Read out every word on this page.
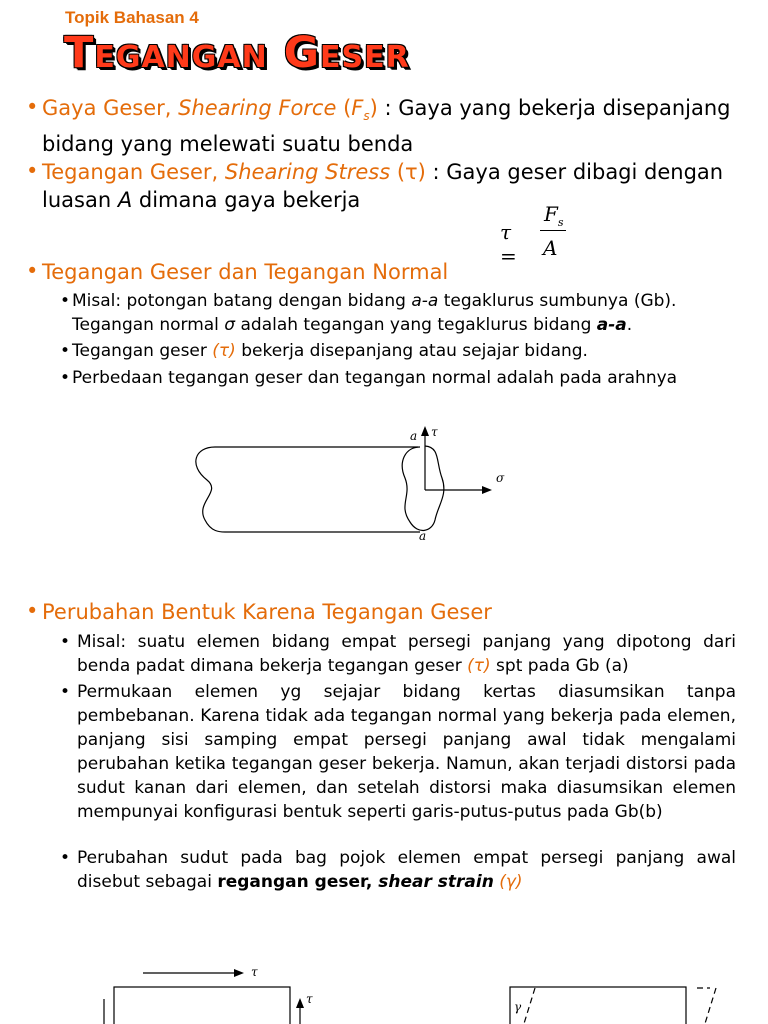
Topik Bahasan 4
Tegangan Geser
• Gaya Geser, Shearing Force $(F_s)$ : Gaya yang bekerja disepanjang bidang yang melewati suatu benda
• Tegangan Geser, Shearing Stress (τ) : Gaya geser dibagi dengan luasan A dimana gaya bekerja
τ =
$F_s$
A
• Tegangan Geser dan Tegangan Normal
• Misal: potongan batang dengan bidang a-a tegaklurus sumbunya (Gb). Tegangan normal σ adalah tegangan yang tegaklurus bidang a-a.
• Tegangan geser (τ) bekerja disepanjang atau sejajar bidang.
• Perbedaan tegangan geser dan tegangan normal adalah pada arahnya
a τ
σ
a
• Perubahan Bentuk Karena Tegangan Geser
• Misal: suatu elemen bidang empat persegi panjang yang dipotong dari benda padat dimana bekerja tegangan geser (τ) spt pada Gb (a)
• Permukaan elemen yg sejajar bidang kertas diasumsikan tanpa pembebanan. Karena tidak ada tegangan normal yang bekerja pada elemen, panjang sisi samping empat persegi panjang awal tidak mengalami perubahan ketika tegangan geser bekerja. Namun, akan terjadi distorsi pada sudut kanan dari elemen, dan setelah distorsi maka diasumsikan elemen mempunyai konfigurasi bentuk seperti garis-putus-putus pada Gb(b)
• Perubahan sudut pada bag pojok elemen empat persegi panjang awal disebut sebagai regangan geser, shear strain (γ)
τ
τ
γ
